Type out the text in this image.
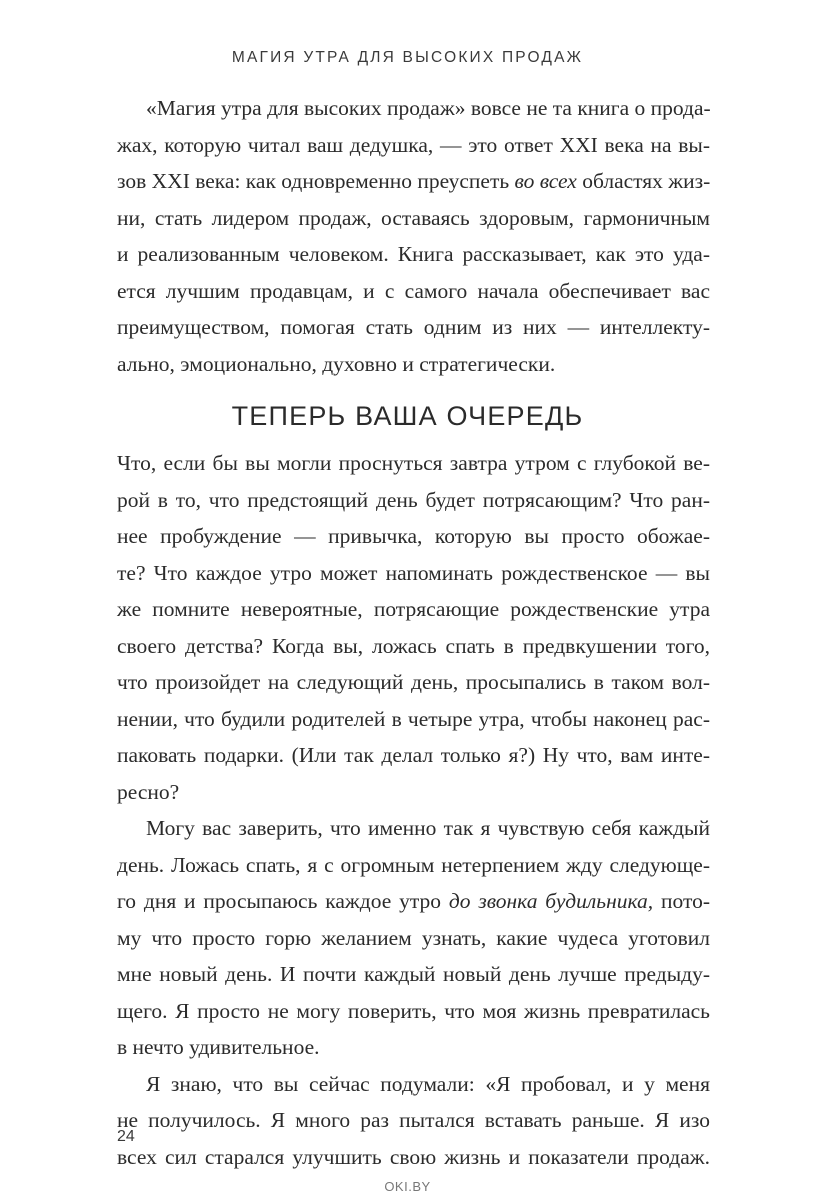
МАГИЯ УТРА ДЛЯ ВЫСОКИХ ПРОДАЖ
«Магия утра для высоких продаж» вовсе не та книга о прода-
жах, которую читал ваш дедушка, — это ответ XXI века на вы-
зов XXI века: как одновременно преуспеть во всех областях жиз-
ни, стать лидером продаж, оставаясь здоровым, гармоничным
и реализованным человеком. Книга рассказывает, как это уда-
ется лучшим продавцам, и с самого начала обеспечивает вас
преимуществом, помогая стать одним из них — интеллекту-
ально, эмоционально, духовно и стратегически.
ТЕПЕРЬ ВАША ОЧЕРЕДЬ
Что, если бы вы могли проснуться завтра утром с глубокой ве-
рой в то, что предстоящий день будет потрясающим? Что ран-
нее пробуждение — привычка, которую вы просто обожае-
те? Что каждое утро может напоминать рождественское — вы
же помните невероятные, потрясающие рождественские утра
своего детства? Когда вы, ложась спать в предвкушении того,
что произойдет на следующий день, просыпались в таком вол-
нении, что будили родителей в четыре утра, чтобы наконец рас-
паковать подарки. (Или так делал только я?) Ну что, вам инте-
ресно?
Могу вас заверить, что именно так я чувствую себя каждый
день. Ложась спать, я с огромным нетерпением жду следующе-
го дня и просыпаюсь каждое утро до звонка будильника, пото-
му что просто горю желанием узнать, какие чудеса уготовил
мне новый день. И почти каждый новый день лучше предыду-
щего. Я просто не могу поверить, что моя жизнь превратилась
в нечто удивительное.
Я знаю, что вы сейчас подумали: «Я пробовал, и у меня
не получилось. Я много раз пытался вставать раньше. Я изо
всех сил старался улучшить свою жизнь и показатели продаж.
24
OKI.BY
